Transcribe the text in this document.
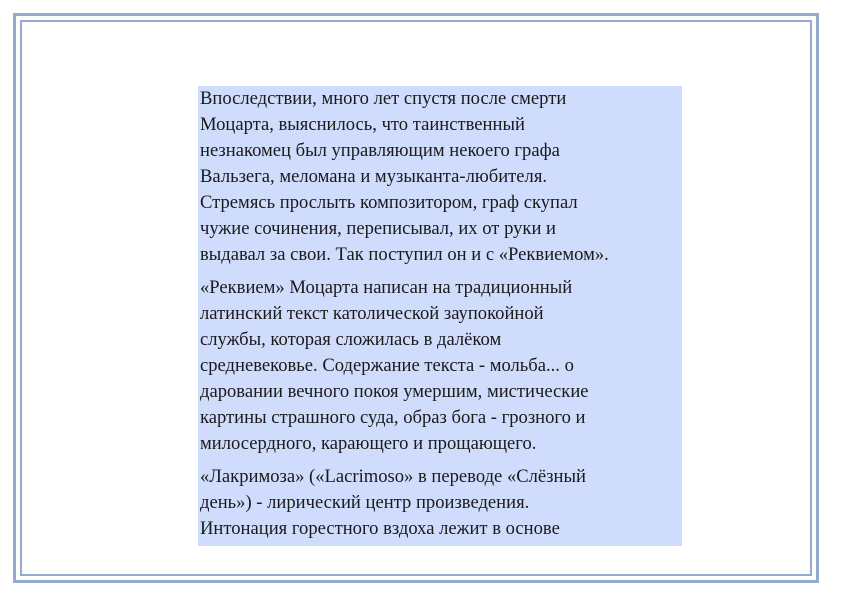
Впоследствии, много лет спустя после смерти
Моцарта, выяснилось, что таинственный
незнакомец был управляющим некоего графа
Вальзега, меломана и музыканта-любителя.
Стремясь прослыть композитором, граф скупал
чужие сочинения, переписывал, их от руки и
выдавал за свои. Так поступил он и с «Реквиемом».

«Реквием» Моцарта написан на традиционный
латинский текст католической заупокойной
службы, которая сложилась в далёком
средневековье. Содержание текста - мольба... о
даровании вечного покоя умершим, мистические
картины страшного суда, образ бога - грозного и
милосердного, карающего и прощающего.

«Лакримоза» («Lacrimoso» в переводе «Слёзный
день») - лирический центр произведения.
Интонация горестного вздоха лежит в основе
